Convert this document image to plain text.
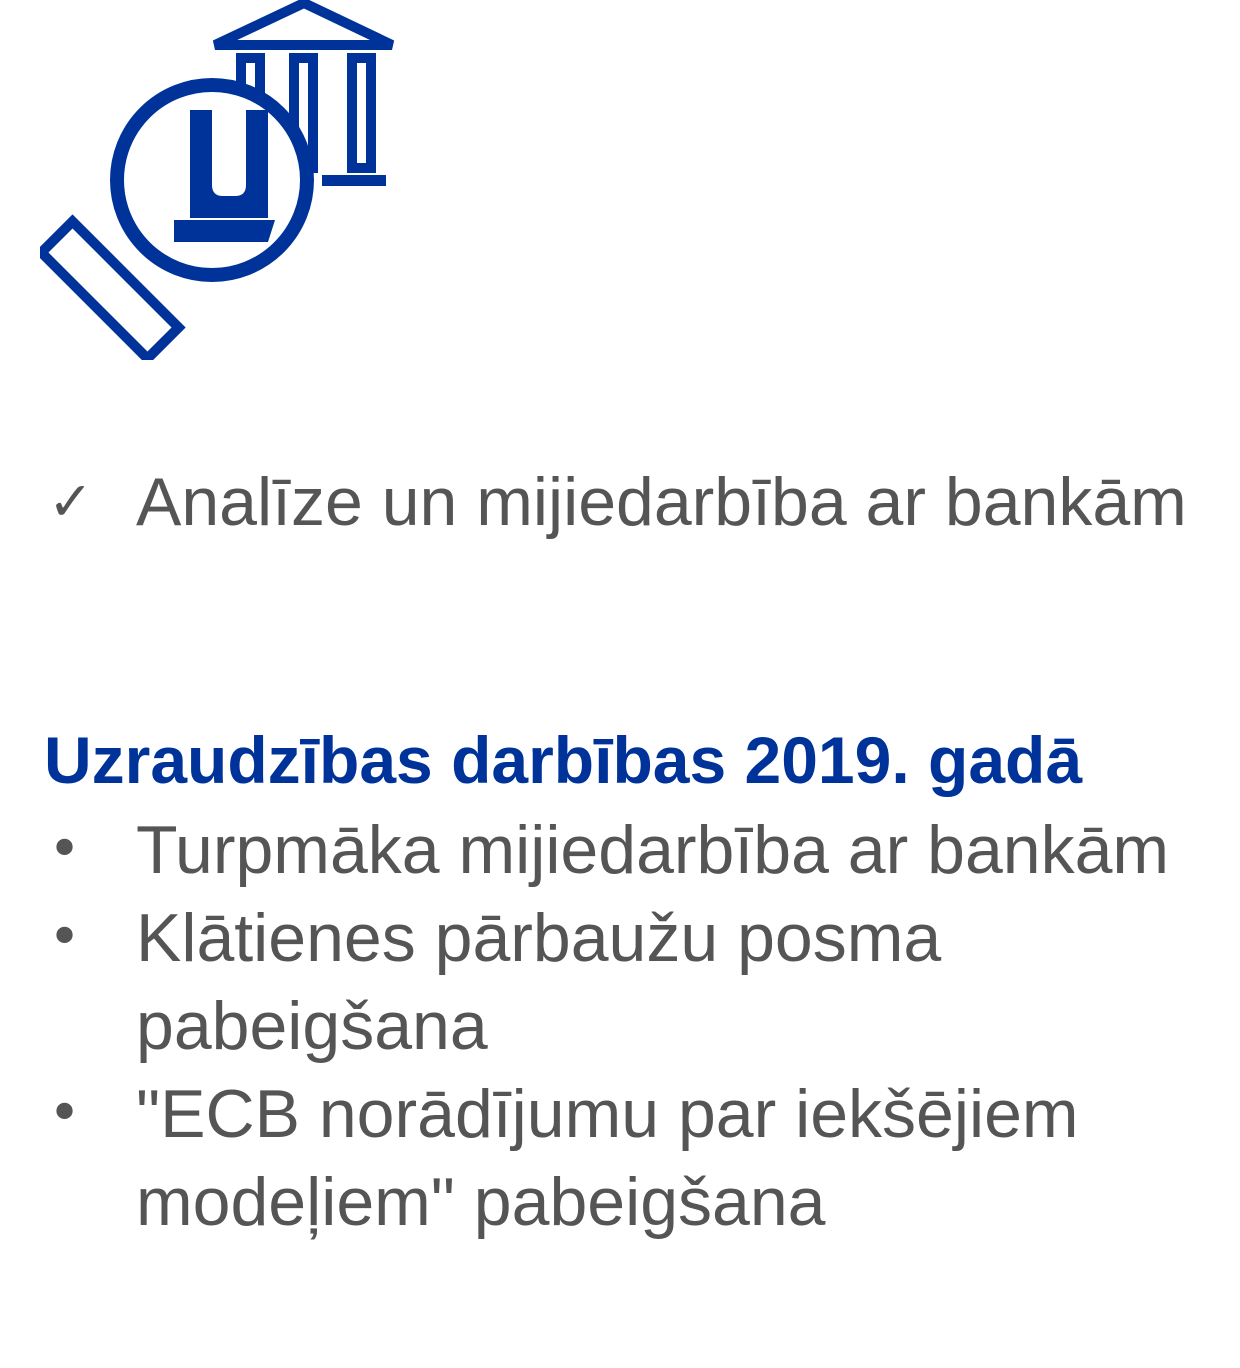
✓ Analīze un mijiedarbība ar bankām
Uzraudzības darbības 2019. gadā
• Turpmāka mijiedarbība ar bankām
• Klātienes pārbaužu posma pabeigšana
• "ECB norādījumu par iekšējiem modeļiem" pabeigšana
